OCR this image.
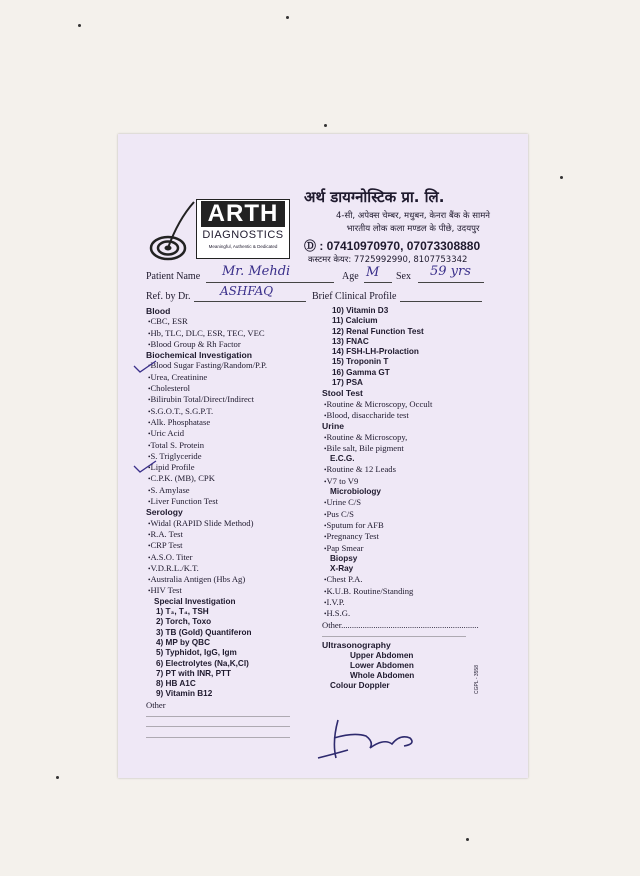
ARTH
DIAGNOSTICS
Meaningful, Authentic & Dedicated
अर्थ डायग्नोस्टिक प्रा. लि.
4-सी, अपेक्स चेम्बर, मधुबन, केनरा बैंक के सामने
भारतीय लोक कला मण्डल के पीछे, उदयपुर
Ⓓ : 07410970970, 07073308880
कस्टमर केयर: 7725992990, 8107753342
Patient Name Mr. Mehdi	Age M Sex 59 yrs
Ref. by Dr. ASHFAQ	Brief Clinical Profile
Blood
• CBC, ESR
• Hb, TLC, DLC, ESR, TEC, VEC
• Blood Group & Rh Factor
Biochemical Investigation
• Blood Sugar Fasting/Random/P.P.
• Urea, Creatinine
• Cholesterol
• Bilirubin Total/Direct/Indirect
• S.G.O.T., S.G.P.T.
• Alk. Phosphatase
• Uric Acid
• Total S. Protein
• S. Triglyceride
• Lipid Profile
• C.P.K. (MB), CPK
• S. Amylase
• Liver Function Test
Serology
• Widal (RAPID Slide Method)
• R.A. Test
• CRP Test
• A.S.O. Titer
• V.D.R.L./K.T.
• Australia Antigen (Hbs Ag)
• HIV Test
Special Investigation
1) T₃, T₄, TSH
2) Torch, Toxo
3) TB (Gold) Quantiferon
4) MP by QBC
5) Typhidot, IgG, Igm
6) Electrolytes (Na,K,Cl)
7) PT with INR, PTT
8) HB A1C
9) Vitamin B12
Other
........................................................................
........................................................................
........................................................................
10) Vitamin D3
11) Calcium
12) Renal Function Test
13) FNAC
14) FSH-LH-Prolaction
15) Troponin T
16) Gamma GT
17) PSA
Stool Test
• Routine & Microscopy, Occult
• Blood, disaccharide test
Urine
• Routine & Microscopy,
• Bile salt, Bile pigment
E.C.G.
• Routine & 12 Leads
• V7 to V9
Microbiology
• Urine C/S
• Pus C/S
• Sputum for AFB
• Pregnancy Test
• Pap Smear
Biopsy
X-Ray
• Chest P.A.
• K.U.B. Routine/Standing
• I.V.P.
• H.S.G.
Other................................................................
........................................................................
Ultrasonography
Upper Abdomen
Lower Abdomen
Whole Abdomen
Colour Doppler	CGPL - 3558
